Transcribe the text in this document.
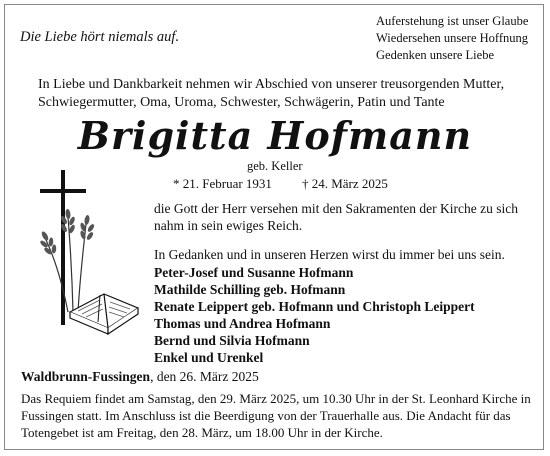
Die Liebe hört niemals auf.
Auferstehung ist unser Glaube
Wiedersehen unsere Hoffnung
Gedenken unsere Liebe
In Liebe und Dankbarkeit nehmen wir Abschied von unserer treusorgenden Mutter, Schwiegermutter, Oma, Uroma, Schwester, Schwägerin, Patin und Tante
Brigitta Hofmann
geb. Keller
* 21. Februar 1931 † 24. März 2025
die Gott der Herr versehen mit den Sakramenten der Kirche zu sich nahm in sein ewiges Reich.
In Gedanken und in unseren Herzen wirst du immer bei uns sein.
Peter-Josef und Susanne Hofmann
Mathilde Schilling geb. Hofmann
Renate Leippert geb. Hofmann und Christoph Leippert
Thomas und Andrea Hofmann
Bernd und Silvia Hofmann
Enkel und Urenkel
Waldbrunn-Fussingen, den 26. März 2025
Das Requiem findet am Samstag, den 29. März 2025, um 10.30 Uhr in der St. Leonhard Kirche in Fussingen statt. Im Anschluss ist die Beerdigung von der Trauerhalle aus. Die Andacht für das Totengebet ist am Freitag, den 28. März, um 18.00 Uhr in der Kirche.
